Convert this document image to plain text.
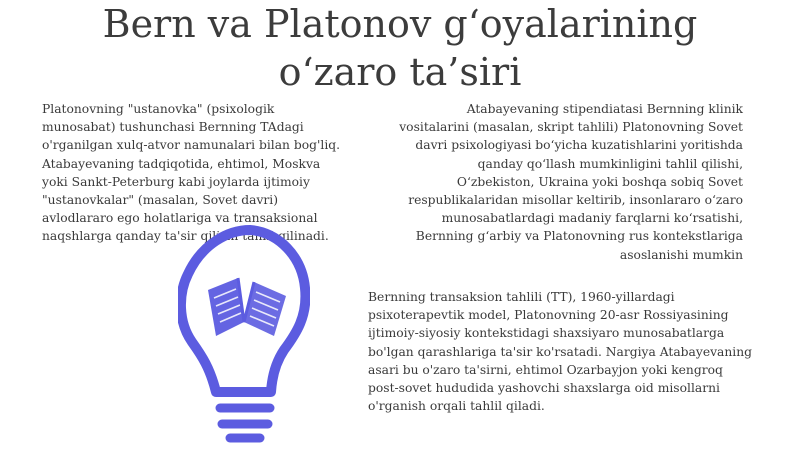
Bern va Platonov g‘oyalarining
o‘zaro ta’siri

Platonovning "ustanovka" (psixologik munosabat) tushunchasi Bernning TAdagi o'rganilgan xulq-atvor namunalari bilan bog'liq. Atabayevaning tadqiqotida, ehtimol, Moskva yoki Sankt-Peterburg kabi joylarda ijtimoiy "ustanovkalar" (masalan, Sovet davri) avlodlararo ego holatlariga va transaksional naqshlarga qanday ta'sir qilishi tahlil qilinadi.

Atabayevaning stipendiatasi Bernning klinik vositalarini (masalan, skript tahlili) Platonovning Sovet davri psixologiyasi bo‘yicha kuzatishlarini yoritishda qanday qo‘llash mumkinligini tahlil qilishi, O‘zbekiston, Ukraina yoki boshqa sobiq Sovet respublikalaridan misollar keltirib, insonlararo o‘zaro munosabatlardagi madaniy farqlarni ko‘rsatishi, Bernning g‘arbiy va Platonovning rus kontekstlariga asoslanishi mumkin

Bernning transaksion tahlili (TT), 1960-yillardagi psixoterapevtik model, Platonovning 20-asr Rossiyasining ijtimoiy-siyosiy kontekstidagi shaxsiyaro munosabatlarga bo'lgan qarashlariga ta'sir ko'rsatadi. Nargiya Atabayevaning asari bu o'zaro ta'sirni, ehtimol Ozarbayjon yoki kengroq post-sovet hududida yashovchi shaxslarga oid misollarni o'rganish orqali tahlil qiladi.
